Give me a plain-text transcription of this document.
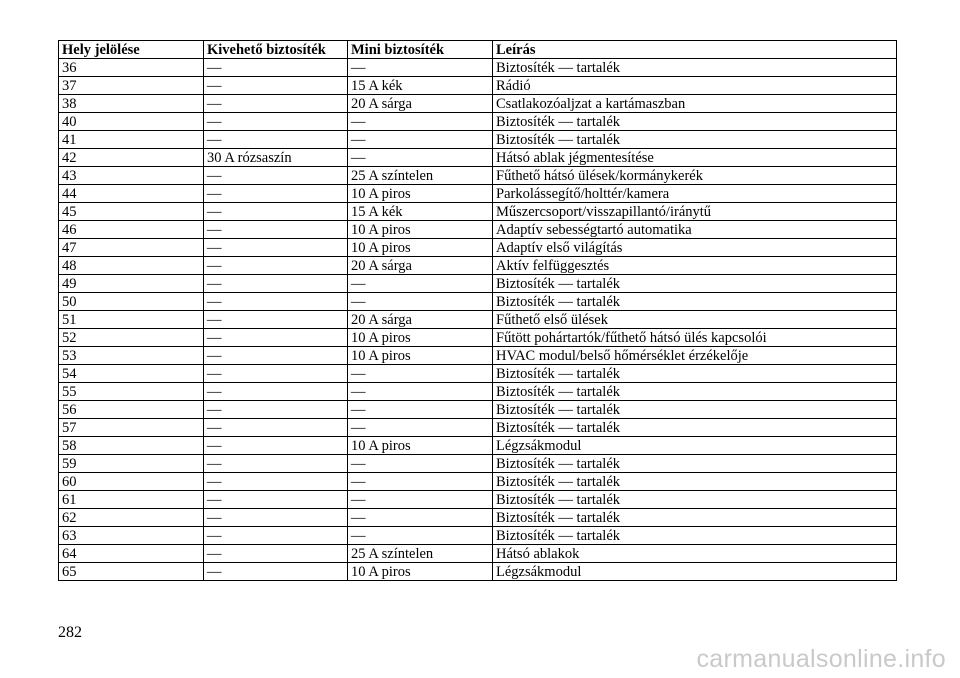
Hely jelölése	Kivehető biztosíték	Mini biztosíték	Leírás
36	—	—	Biztosíték — tartalék
37	—	15 A kék	Rádió
38	—	20 A sárga	Csatlakozóaljzat a kartámaszban
40	—	—	Biztosíték — tartalék
41	—	—	Biztosíték — tartalék
42	30 A rózsaszín	—	Hátsó ablak jégmentesítése
43	—	25 A színtelen	Fűthető hátsó ülések/kormánykerék
44	—	10 A piros	Parkolássegítő/holttér/kamera
45	—	15 A kék	Műszercsoport/visszapillantó/iránytű
46	—	10 A piros	Adaptív sebességtartó automatika
47	—	10 A piros	Adaptív első világítás
48	—	20 A sárga	Aktív felfüggesztés
49	—	—	Biztosíték — tartalék
50	—	—	Biztosíték — tartalék
51	—	20 A sárga	Fűthető első ülések
52	—	10 A piros	Fűtött pohártartók/fűthető hátsó ülés kapcsolói
53	—	10 A piros	HVAC modul/belső hőmérséklet érzékelője
54	—	—	Biztosíték — tartalék
55	—	—	Biztosíték — tartalék
56	—	—	Biztosíték — tartalék
57	—	—	Biztosíték — tartalék
58	—	10 A piros	Légzsákmodul
59	—	—	Biztosíték — tartalék
60	—	—	Biztosíték — tartalék
61	—	—	Biztosíték — tartalék
62	—	—	Biztosíték — tartalék
63	—	—	Biztosíték — tartalék
64	—	25 A színtelen	Hátsó ablakok
65	—	10 A piros	Légzsákmodul
282
carmanualsonline.info
